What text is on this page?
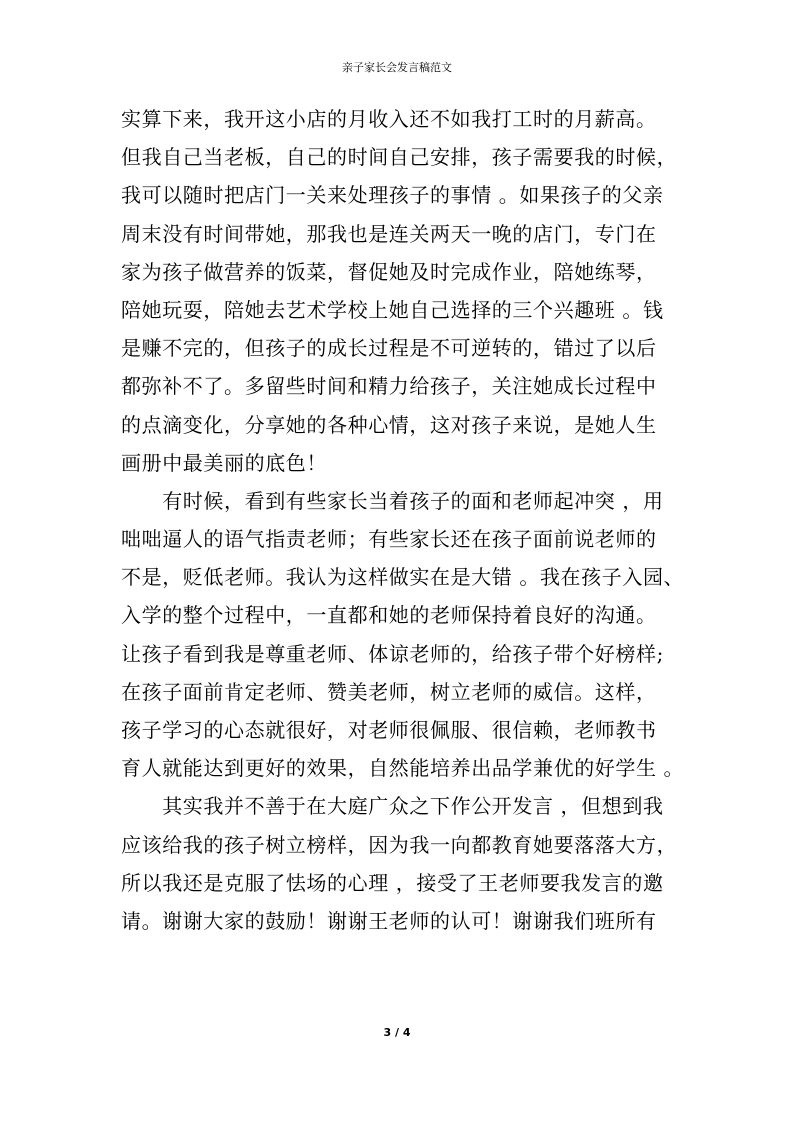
亲子家长会发言稿范文
实算下来，我开这小店的月收入还不如我打工时的月薪高。
但我自己当老板，自己的时间自己安排，孩子需要我的时候，
我可以随时把店门一关来处理孩子的事情 。如果孩子的父亲
周末没有时间带她，那我也是连关两天一晚的店门，专门在
家为孩子做营养的饭菜，督促她及时完成作业，陪她练琴，
陪她玩耍，陪她去艺术学校上她自己选择的三个兴趣班 。钱
是赚不完的，但孩子的成长过程是不可逆转的，错过了以后
都弥补不了。多留些时间和精力给孩子，关注她成长过程中
的点滴变化，分享她的各种心情，这对孩子来说，是她人生
画册中最美丽的底色！
　　有时候，看到有些家长当着孩子的面和老师起冲突 ，用
咄咄逼人的语气指责老师；有些家长还在孩子面前说老师的
不是，贬低老师。我认为这样做实在是大错 。我在孩子入园、
入学的整个过程中，一直都和她的老师保持着良好的沟通。
让孩子看到我是尊重老师、体谅老师的，给孩子带个好榜样;
在孩子面前肯定老师、赞美老师，树立老师的威信。这样，
孩子学习的心态就很好，对老师很佩服、很信赖，老师教书
育人就能达到更好的效果，自然能培养出品学兼优的好学生 。
　　其实我并不善于在大庭广众之下作公开发言 ，但想到我
应该给我的孩子树立榜样，因为我一向都教育她要落落大方，
所以我还是克服了怯场的心理 ，接受了王老师要我发言的邀
请。谢谢大家的鼓励！谢谢王老师的认可！谢谢我们班所有
3 / 4
